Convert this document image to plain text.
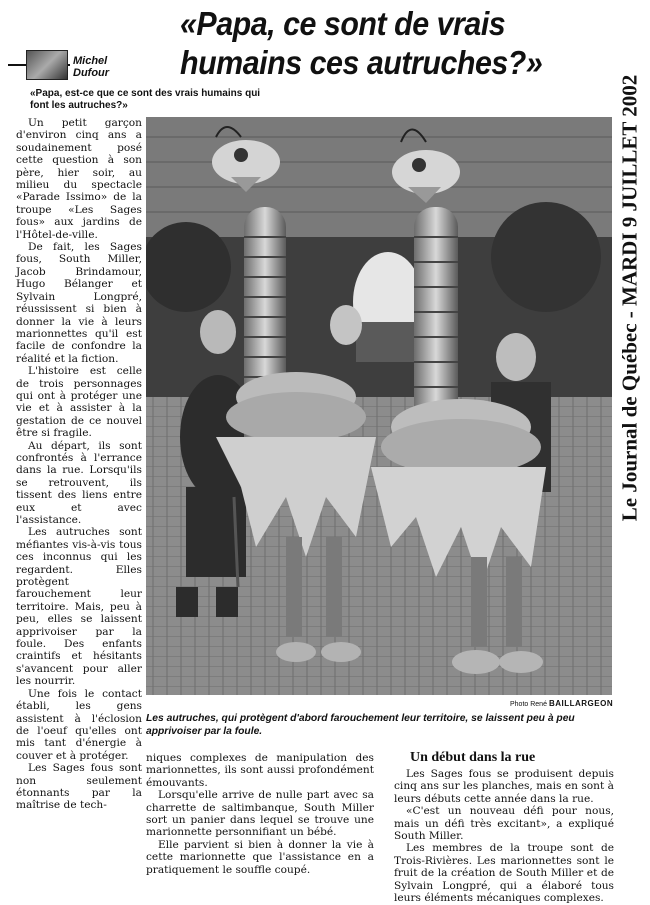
«Papa, ce sont de vrais
humains ces autruches?»
Michel Dufour
«Papa, est-ce que ce sont des vrais humains qui font les autruches?»	Le Journal de Québec - MARDI 9 JUILLET 2002

Un petit garçon d'environ cinq ans a soudainement posé cette question à son père, hier soir, au milieu du spectacle «Parade Issimo» de la troupe «Les Sages fous» aux jardins de l'Hôtel-de-ville.

De fait, les Sages fous, South Miller, Jacob Brindamour, Hugo Bélanger et Sylvain Longpré, réussissent si bien à donner la vie à leurs marionnettes qu'il est facile de confondre la réalité et la fiction.

L'histoire est celle de trois personnages qui ont à protéger une vie et à assister à la gestation de ce nouvel être si fragile.

Au départ, ils sont confrontés à l'errance dans la rue. Lorsqu'ils se retrouvent, ils tissent des liens entre eux et avec l'assistance.

Les autruches sont méfiantes vis-à-vis tous ces inconnus qui les regardent. Elles protègent farouchement leur territoire. Mais, peu à peu, elles se laissent apprivoiser par la foule. Des enfants craintifs et hésitants s'avancent pour aller les nourrir.

Une fois le contact établi, les gens assistent à l'éclosion de l'oeuf qu'elles ont mis tant d'énergie à couver et à protéger.

Les Sages fous sont non seulement étonnants par la maîtrise de tech-

Photo René BAILLARGEON
Les autruches, qui protègent d'abord farouchement leur territoire, se laissent peu à peu apprivoiser par la foule.

niques complexes de manipulation des marionnettes, ils sont aussi profondément émouvants.

Lorsqu'elle arrive de nulle part avec sa charrette de saltimbanque, South Miller sort un panier dans lequel se trouve une marionnette personnifiant un bébé.

Elle parvient si bien à donner la vie à cette marionnette que l'assistance en a pratiquement le souffle coupé.

Un début dans la rue

Les Sages fous se produisent depuis cinq ans sur les planches, mais en sont à leurs débuts cette année dans la rue.

«C'est un nouveau défi pour nous, mais un défi très excitant», a expliqué South Miller.

Les membres de la troupe sont de Trois-Rivières. Les marionnettes sont le fruit de la création de South Miller et de Sylvain Longpré, qui a élaboré tous leurs éléments mécaniques complexes.
